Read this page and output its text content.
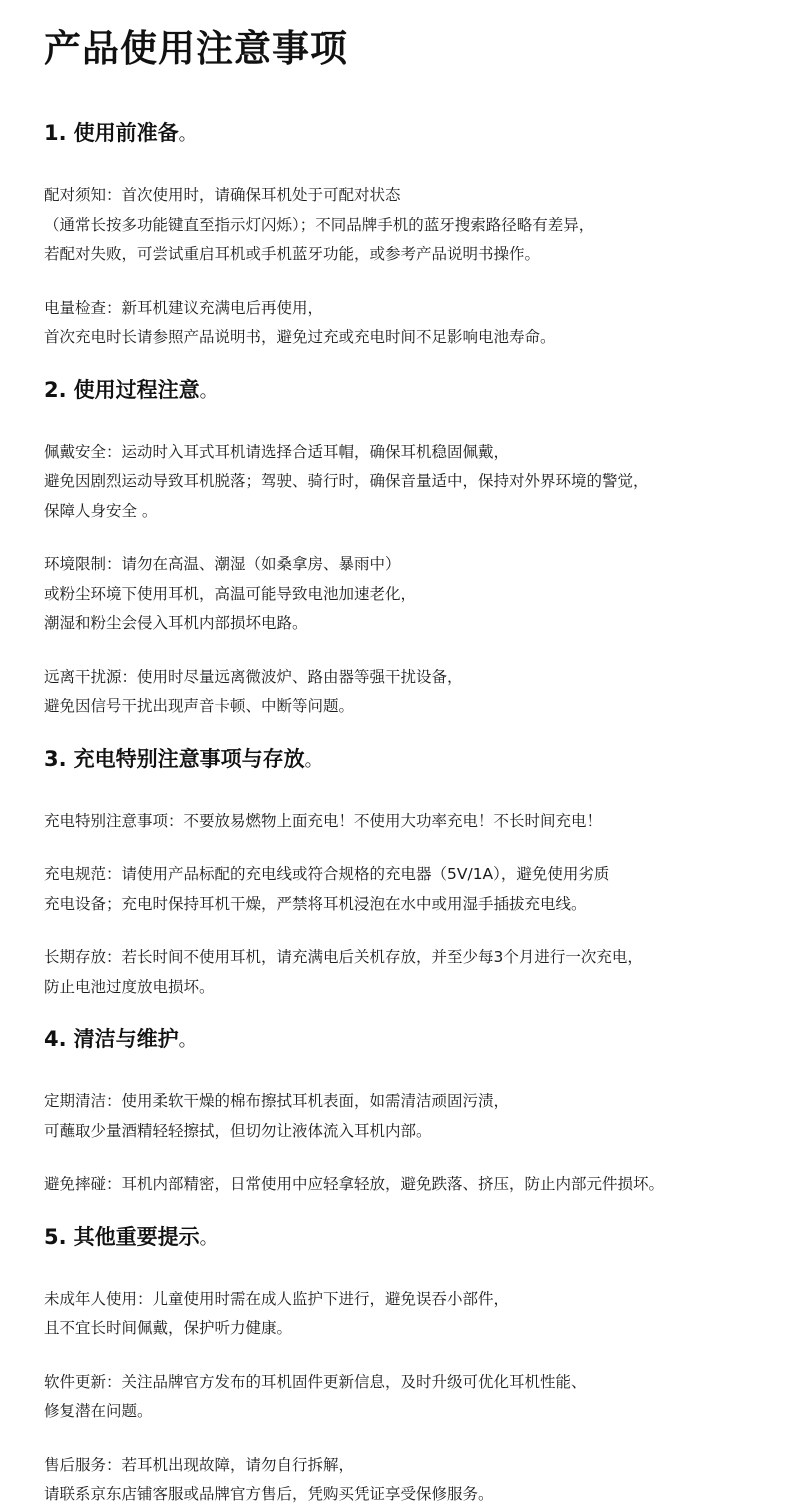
产品使用注意事项
1. 使用前准备。

配对须知：首次使用时，请确保耳机处于可配对状态
（通常长按多功能键直至指示灯闪烁）；不同品牌手机的蓝牙搜索路径略有差异，
若配对失败，可尝试重启耳机或手机蓝牙功能，或参考产品说明书操作。

电量检查：新耳机建议充满电后再使用，
首次充电时长请参照产品说明书，避免过充或充电时间不足影响电池寿命。

2. 使用过程注意。

佩戴安全：运动时入耳式耳机请选择合适耳帽，确保耳机稳固佩戴，
避免因剧烈运动导致耳机脱落；驾驶、骑行时，确保音量适中，保持对外界环境的警觉，
保障人身安全 。

环境限制：请勿在高温、潮湿（如桑拿房、暴雨中）
或粉尘环境下使用耳机，高温可能导致电池加速老化，
潮湿和粉尘会侵入耳机内部损坏电路。

远离干扰源：使用时尽量远离微波炉、路由器等强干扰设备，
避免因信号干扰出现声音卡顿、中断等问题。

3. 充电特别注意事项与存放。

充电特别注意事项：不要放易燃物上面充电！不使用大功率充电！不长时间充电！

充电规范：请使用产品标配的充电线或符合规格的充电器（5V/1A），避免使用劣质
充电设备；充电时保持耳机干燥，严禁将耳机浸泡在水中或用湿手插拔充电线。

长期存放：若长时间不使用耳机，请充满电后关机存放，并至少每3个月进行一次充电，
防止电池过度放电损坏。

4. 清洁与维护。

定期清洁：使用柔软干燥的棉布擦拭耳机表面，如需清洁顽固污渍，
可蘸取少量酒精轻轻擦拭，但切勿让液体流入耳机内部。

避免摔碰：耳机内部精密，日常使用中应轻拿轻放，避免跌落、挤压，防止内部元件损坏。

5. 其他重要提示。

未成年人使用：儿童使用时需在成人监护下进行，避免误吞小部件，
且不宜长时间佩戴，保护听力健康。

软件更新：关注品牌官方发布的耳机固件更新信息，及时升级可优化耳机性能、
修复潜在问题。

售后服务：若耳机出现故障，请勿自行拆解，
请联系京东店铺客服或品牌官方售后，凭购买凭证享受保修服务。
